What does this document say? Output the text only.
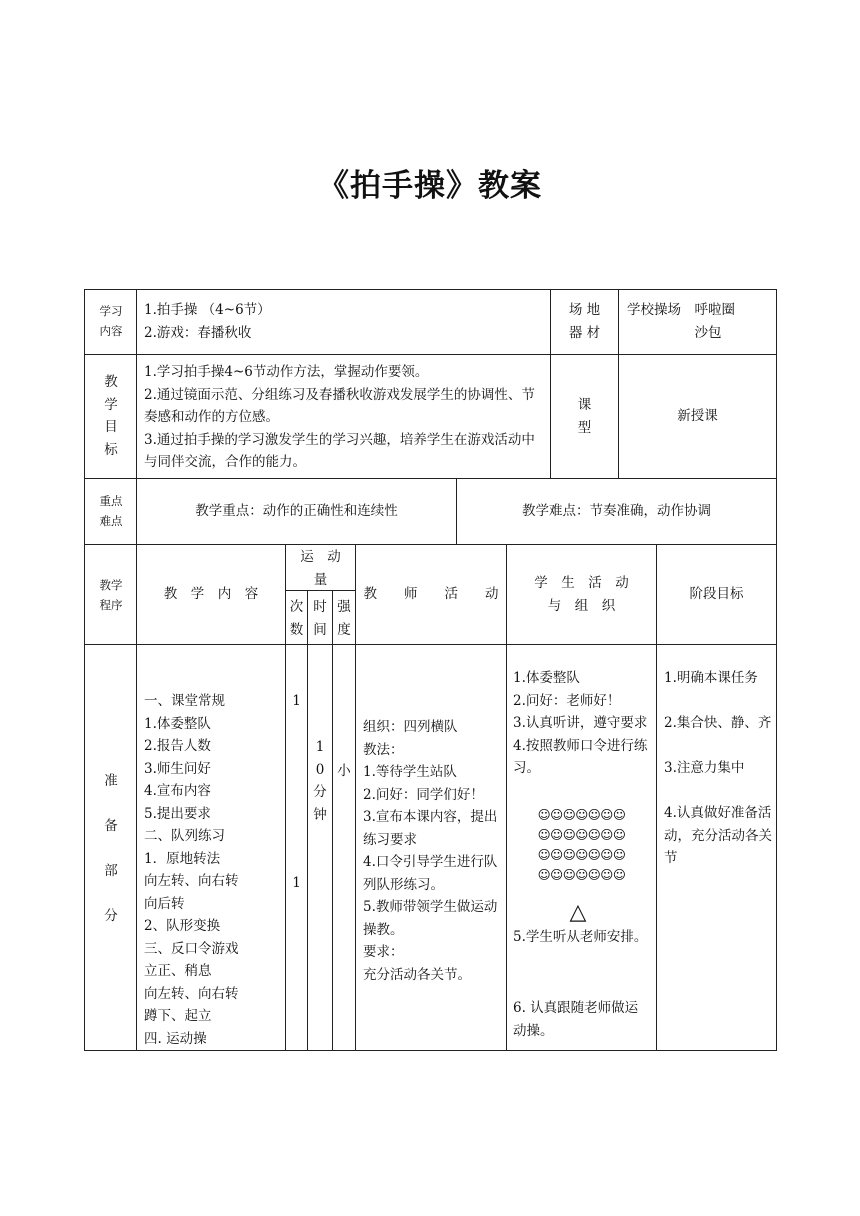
《拍手操》教案
学习
内容
1.拍手操 （4~6节）
2.游戏：春播秋收
场 地
器 材
学校操场　呼啦圈
　　　　　沙包
教
学
目
标
1.学习拍手操4~6节动作方法，掌握动作要领。
2.通过镜面示范、分组练习及春播秋收游戏发展学生的协调性、节奏感和动作的方位感。
3.通过拍手操的学习激发学生的学习兴趣，培养学生在游戏活动中与同伴交流，合作的能力。
课
型
新授课
重点
难点
教学重点：动作的正确性和连续性	教学难点：节奏准确，动作协调
教学
程序
教　学　内　容
运　动
量
次
数
时
间
强
度
教　　师　　活　　动
学　生　活　动
与　组　织
阶段目标
准

备

部

分
一、课堂常规
1.体委整队
2.报告人数
3.师生问好
4.宣布内容
5.提出要求
二、队列练习
1．原地转法
向左转、向右转
向后转
2、队形变换
三、反口令游戏
立正、稍息
向左转、向右转
蹲下、起立
四. 运动操
1
1
1
0
分
钟
小
组织：四列横队
教法：
1.等待学生站队
2.问好：同学们好！
3.宣布本课内容，提出练习要求
4.口令引导学生进行队列队形练习。
5.教师带领学生做运动操教。
要求：
充分活动各关节。
1.体委整队
2.问好：老师好！
3.认真听讲，遵守要求
4.按照教师口令进行练习。
☺☺☺☺☺☺☺
☺☺☺☺☺☺☺
☺☺☺☺☺☺☺
☺☺☺☺☺☺☺
△
5.学生听从老师安排。
6. 认真跟随老师做运动操。
1.明确本课任务

2.集合快、静、齐

3.注意力集中

4.认真做好准备活动，充分活动各关节
